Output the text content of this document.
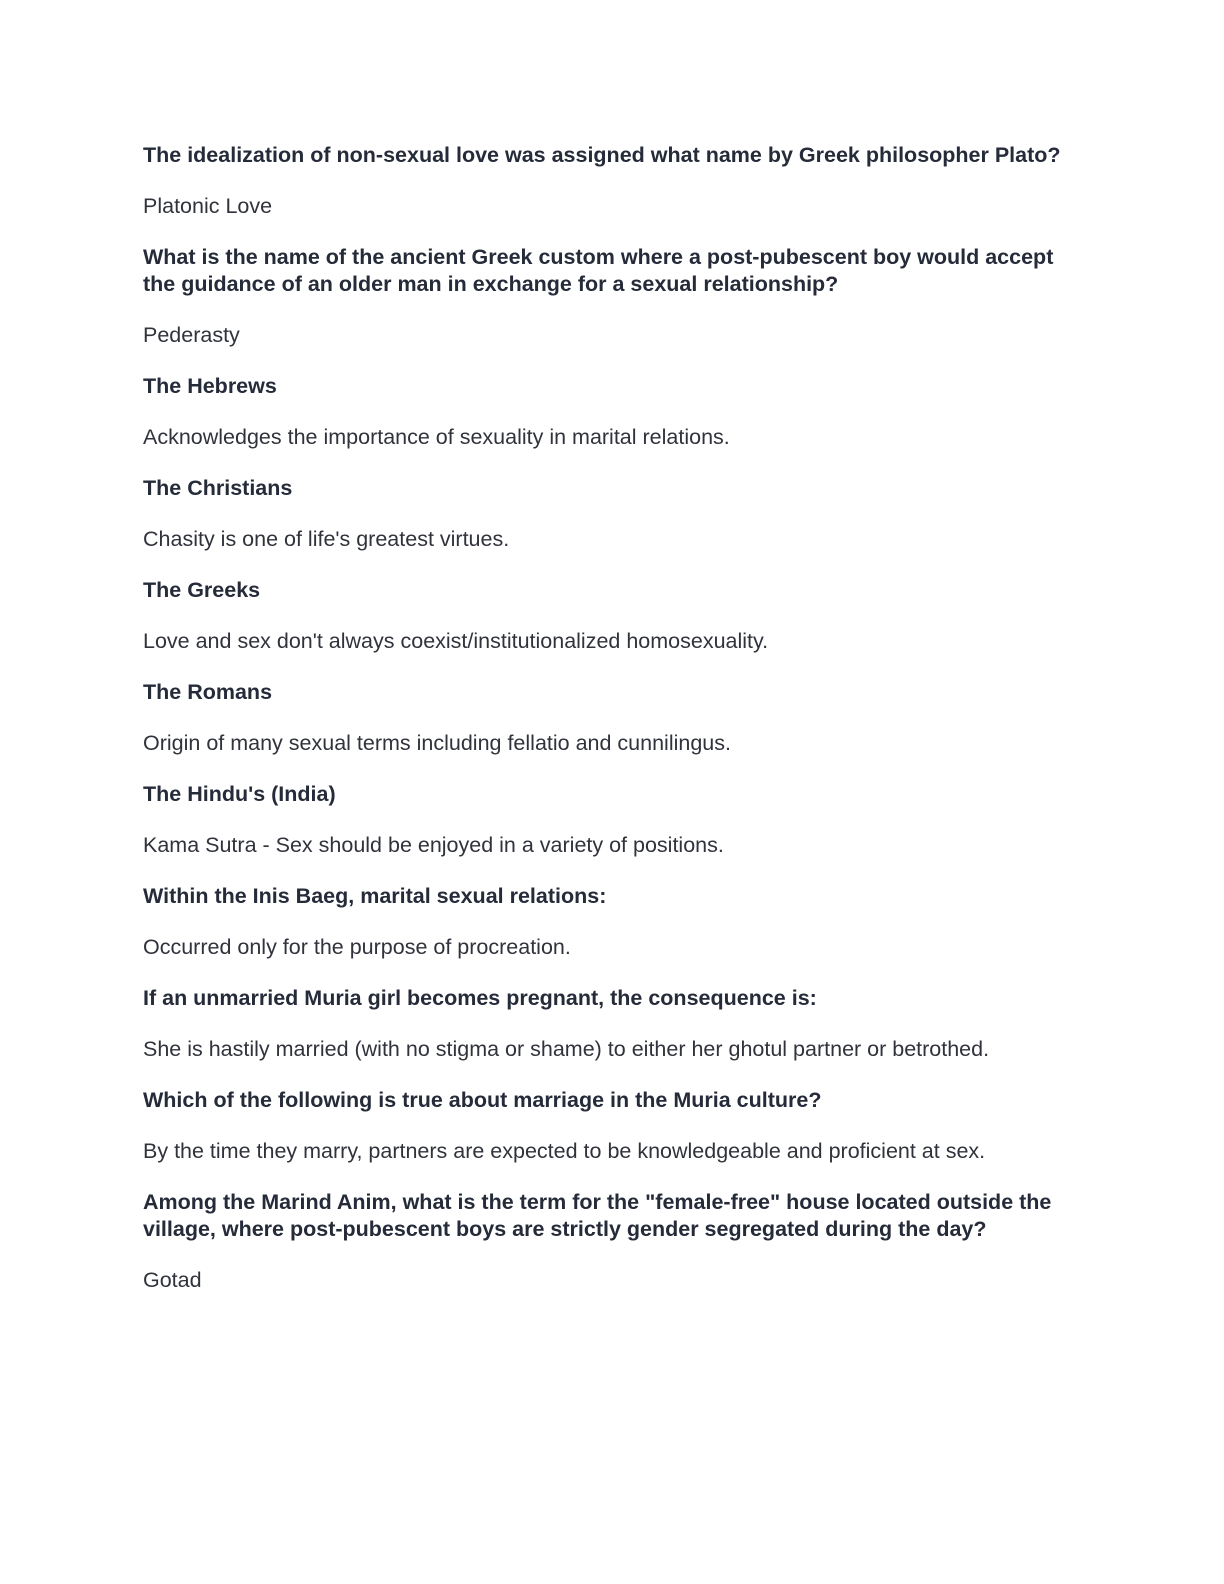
The idealization of non-sexual love was assigned what name by Greek philosopher Plato?

Platonic Love

What is the name of the ancient Greek custom where a post-pubescent boy would accept the guidance of an older man in exchange for a sexual relationship?

Pederasty

The Hebrews

Acknowledges the importance of sexuality in marital relations.

The Christians

Chasity is one of life's greatest virtues.

The Greeks

Love and sex don't always coexist/institutionalized homosexuality.

The Romans

Origin of many sexual terms including fellatio and cunnilingus.

The Hindu's (India)

Kama Sutra - Sex should be enjoyed in a variety of positions.

Within the Inis Baeg, marital sexual relations:

Occurred only for the purpose of procreation.

If an unmarried Muria girl becomes pregnant, the consequence is:

She is hastily married (with no stigma or shame) to either her ghotul partner or betrothed.

Which of the following is true about marriage in the Muria culture?

By the time they marry, partners are expected to be knowledgeable and proficient at sex.

Among the Marind Anim, what is the term for the "female-free" house located outside the village, where post-pubescent boys are strictly gender segregated during the day?

Gotad
